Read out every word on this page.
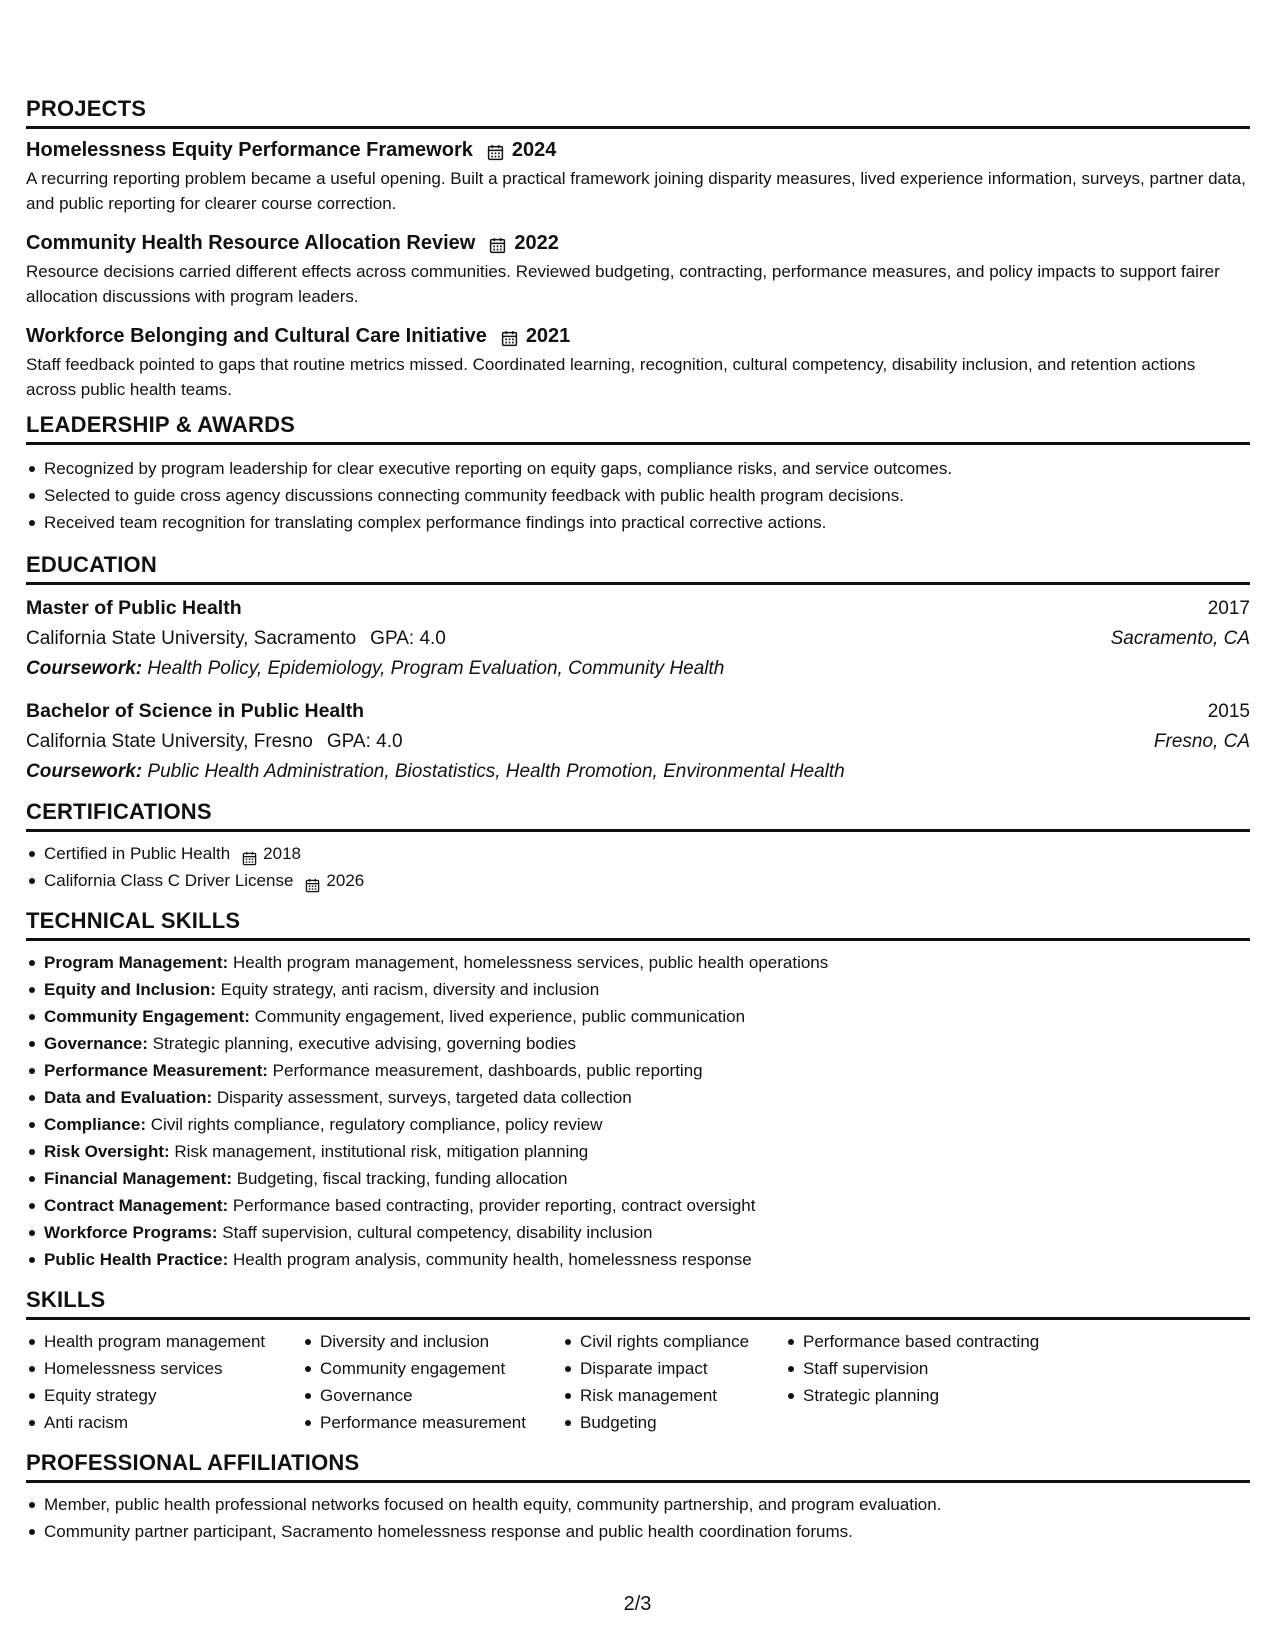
PROJECTS
Homelessness Equity Performance Framework 2024
A recurring reporting problem became a useful opening. Built a practical framework joining disparity measures, lived experience information, surveys, partner data, and public reporting for clearer course correction.
Community Health Resource Allocation Review 2022
Resource decisions carried different effects across communities. Reviewed budgeting, contracting, performance measures, and policy impacts to support fairer allocation discussions with program leaders.
Workforce Belonging and Cultural Care Initiative 2021
Staff feedback pointed to gaps that routine metrics missed. Coordinated learning, recognition, cultural competency, disability inclusion, and retention actions across public health teams.
LEADERSHIP & AWARDS
Recognized by program leadership for clear executive reporting on equity gaps, compliance risks, and service outcomes.
Selected to guide cross agency discussions connecting community feedback with public health program decisions.
Received team recognition for translating complex performance findings into practical corrective actions.
EDUCATION
Master of Public Health	2017
California State University, Sacramento GPA: 4.0	Sacramento, CA
Coursework: Health Policy, Epidemiology, Program Evaluation, Community Health
Bachelor of Science in Public Health	2015
California State University, Fresno GPA: 4.0	Fresno, CA
Coursework: Public Health Administration, Biostatistics, Health Promotion, Environmental Health
CERTIFICATIONS
Certified in Public Health 2018
California Class C Driver License 2026
TECHNICAL SKILLS
Program Management: Health program management, homelessness services, public health operations
Equity and Inclusion: Equity strategy, anti racism, diversity and inclusion
Community Engagement: Community engagement, lived experience, public communication
Governance: Strategic planning, executive advising, governing bodies
Performance Measurement: Performance measurement, dashboards, public reporting
Data and Evaluation: Disparity assessment, surveys, targeted data collection
Compliance: Civil rights compliance, regulatory compliance, policy review
Risk Oversight: Risk management, institutional risk, mitigation planning
Financial Management: Budgeting, fiscal tracking, funding allocation
Contract Management: Performance based contracting, provider reporting, contract oversight
Workforce Programs: Staff supervision, cultural competency, disability inclusion
Public Health Practice: Health program analysis, community health, homelessness response
SKILLS
Health program management
Homelessness services
Equity strategy
Anti racism
Diversity and inclusion
Community engagement
Governance
Performance measurement
Civil rights compliance
Disparate impact
Risk management
Budgeting
Performance based contracting
Staff supervision
Strategic planning
PROFESSIONAL AFFILIATIONS
Member, public health professional networks focused on health equity, community partnership, and program evaluation.
Community partner participant, Sacramento homelessness response and public health coordination forums.
2/3
